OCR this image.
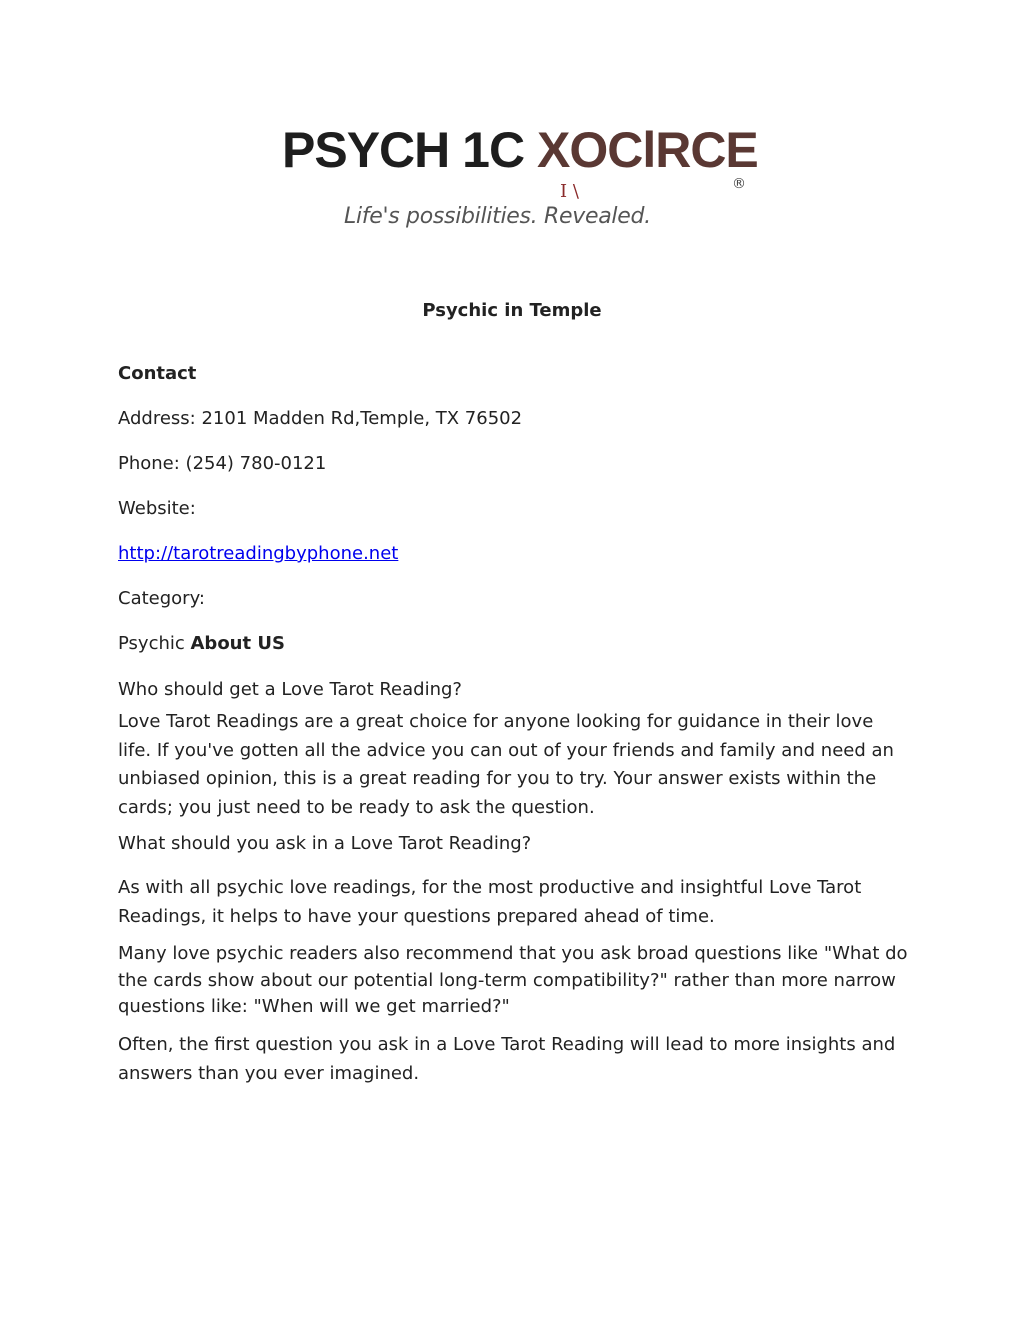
PSYCH 1C XOClRCE
I \	®
Life's possibilities. Revealed.
Psychic in Temple
Contact
Address: 2101 Madden Rd,Temple, TX 76502
Phone: (254) 780-0121
Website:
http://tarotreadingbyphone.net
Category:
Psychic About US
Who should get a Love Tarot Reading?
Love Tarot Readings are a great choice for anyone looking for guidance in their love life. If you've gotten all the advice you can out of your friends and family and need an unbiased opinion, this is a great reading for you to try. Your answer exists within the cards; you just need to be ready to ask the question.
What should you ask in a Love Tarot Reading?
As with all psychic love readings, for the most productive and insightful Love Tarot Readings, it helps to have your questions prepared ahead of time.
Many love psychic readers also recommend that you ask broad questions like "What do the cards show about our potential long-term compatibility?" rather than more narrow questions like: "When will we get married?"
Often, the first question you ask in a Love Tarot Reading will lead to more insights and answers than you ever imagined.
